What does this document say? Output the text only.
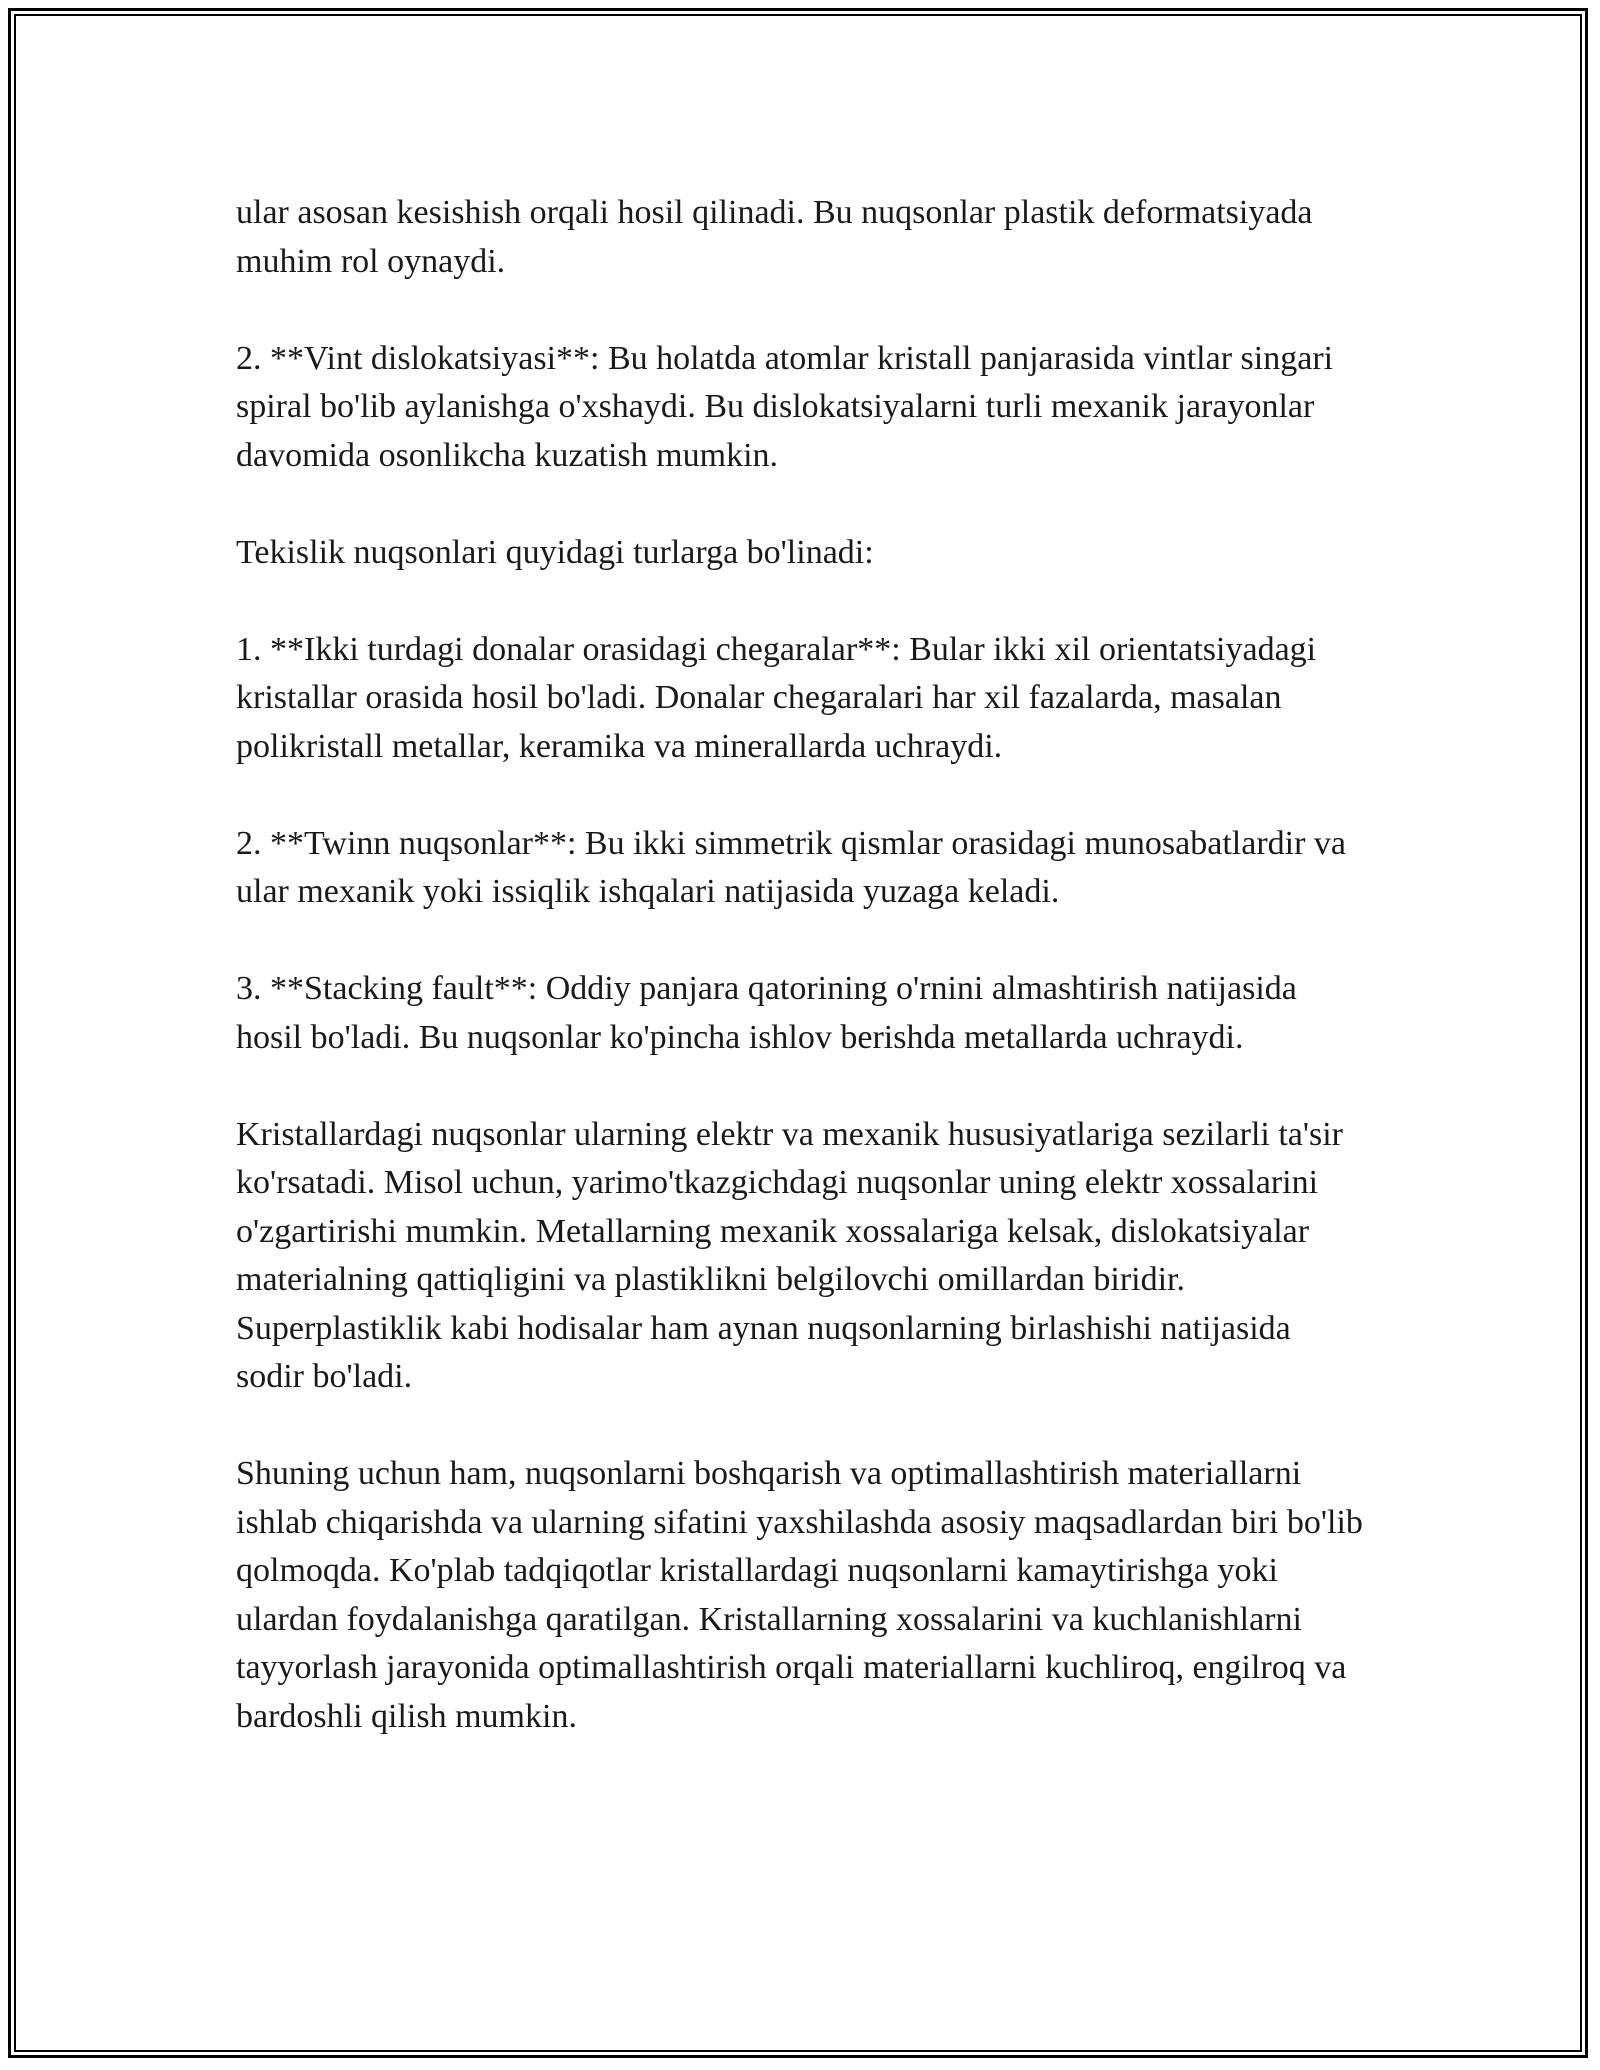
ular asosan kesishish orqali hosil qilinadi. Bu nuqsonlar plastik deformatsiyada muhim rol oynaydi.

2. **Vint dislokatsiyasi**: Bu holatda atomlar kristall panjarasida vintlar singari spiral bo'lib aylanishga o'xshaydi. Bu dislokatsiyalarni turli mexanik jarayonlar davomida osonlikcha kuzatish mumkin.

Tekislik nuqsonlari quyidagi turlarga bo'linadi:

1. **Ikki turdagi donalar orasidagi chegaralar**: Bular ikki xil orientatsiyadagi kristallar orasida hosil bo'ladi. Donalar chegaralari har xil fazalarda, masalan polikristall metallar, keramika va minerallarda uchraydi.

2. **Twinn nuqsonlar**: Bu ikki simmetrik qismlar orasidagi munosabatlardir va ular mexanik yoki issiqlik ishqalari natijasida yuzaga keladi.

3. **Stacking fault**: Oddiy panjara qatorining o'rnini almashtirish natijasida hosil bo'ladi. Bu nuqsonlar ko'pincha ishlov berishda metallarda uchraydi.

Kristallardagi nuqsonlar ularning elektr va mexanik hususiyatlariga sezilarli ta'sir ko'rsatadi. Misol uchun, yarimo'tkazgichdagi nuqsonlar uning elektr xossalarini o'zgartirishi mumkin. Metallarning mexanik xossalariga kelsak, dislokatsiyalar materialning qattiqligini va plastiklikni belgilovchi omillardan biridir. Superplastiklik kabi hodisalar ham aynan nuqsonlarning birlashishi natijasida sodir bo'ladi.

Shuning uchun ham, nuqsonlarni boshqarish va optimallashtirish materiallarni ishlab chiqarishda va ularning sifatini yaxshilashda asosiy maqsadlardan biri bo'lib qolmoqda. Ko'plab tadqiqotlar kristallardagi nuqsonlarni kamaytirishga yoki ulardan foydalanishga qaratilgan. Kristallarning xossalarini va kuchlanishlarni tayyorlash jarayonida optimallashtirish orqali materiallarni kuchliroq, engilroq va bardoshli qilish mumkin.
